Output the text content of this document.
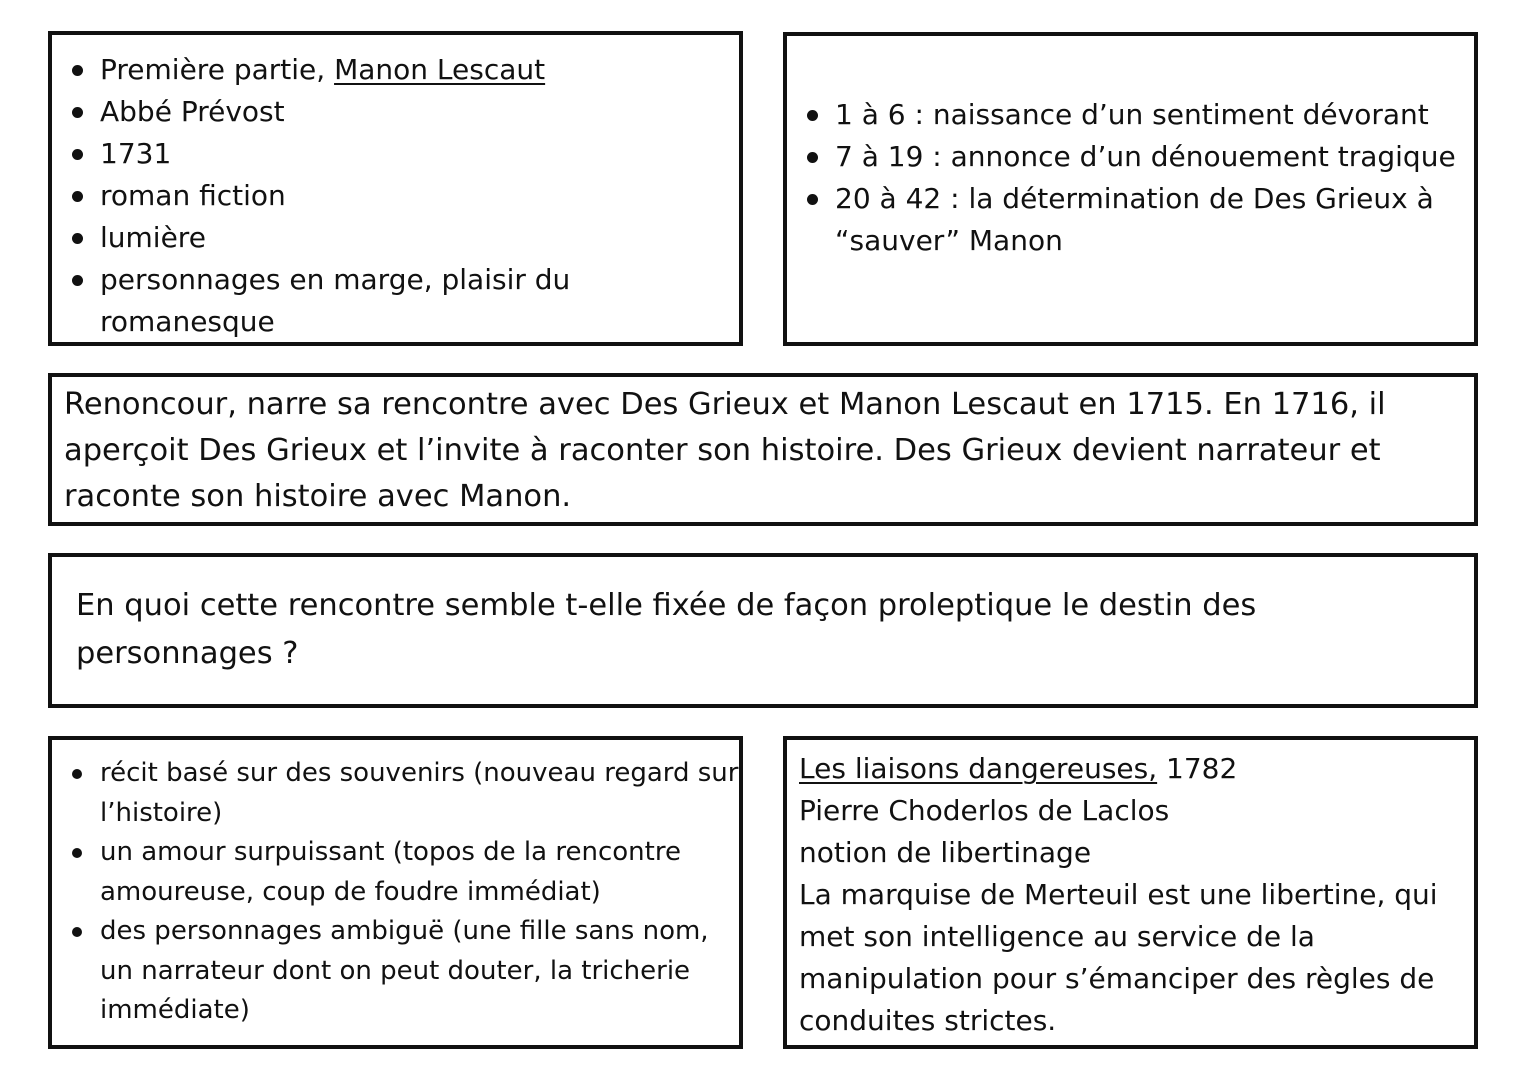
Première partie, Manon Lescaut
Abbé Prévost
1731
roman fiction
lumière
personnages en marge, plaisir du romanesque
1 à 6 : naissance d’un sentiment dévorant
7 à 19 : annonce d’un dénouement tragique
20 à 42 : la détermination de Des Grieux à “sauver” Manon

Renoncour, narre sa rencontre avec Des Grieux et Manon Lescaut en 1715. En 1716, il aperçoit Des Grieux et l’invite à raconter son histoire. Des Grieux devient narrateur et raconte son histoire avec Manon.

En quoi cette rencontre semble t-elle fixée de façon proleptique le destin des personnages ?

récit basé sur des souvenirs (nouveau regard sur l’histoire)
un amour surpuissant (topos de la rencontre amoureuse, coup de foudre immédiat)
des personnages ambiguë (une fille sans nom, un narrateur dont on peut douter, la tricherie immédiate)
Les liaisons dangereuses, 1782
Pierre Choderlos de Laclos
notion de libertinage
La marquise de Merteuil est une libertine, qui met son intelligence au service de la manipulation pour s’émanciper des règles de conduites strictes.
